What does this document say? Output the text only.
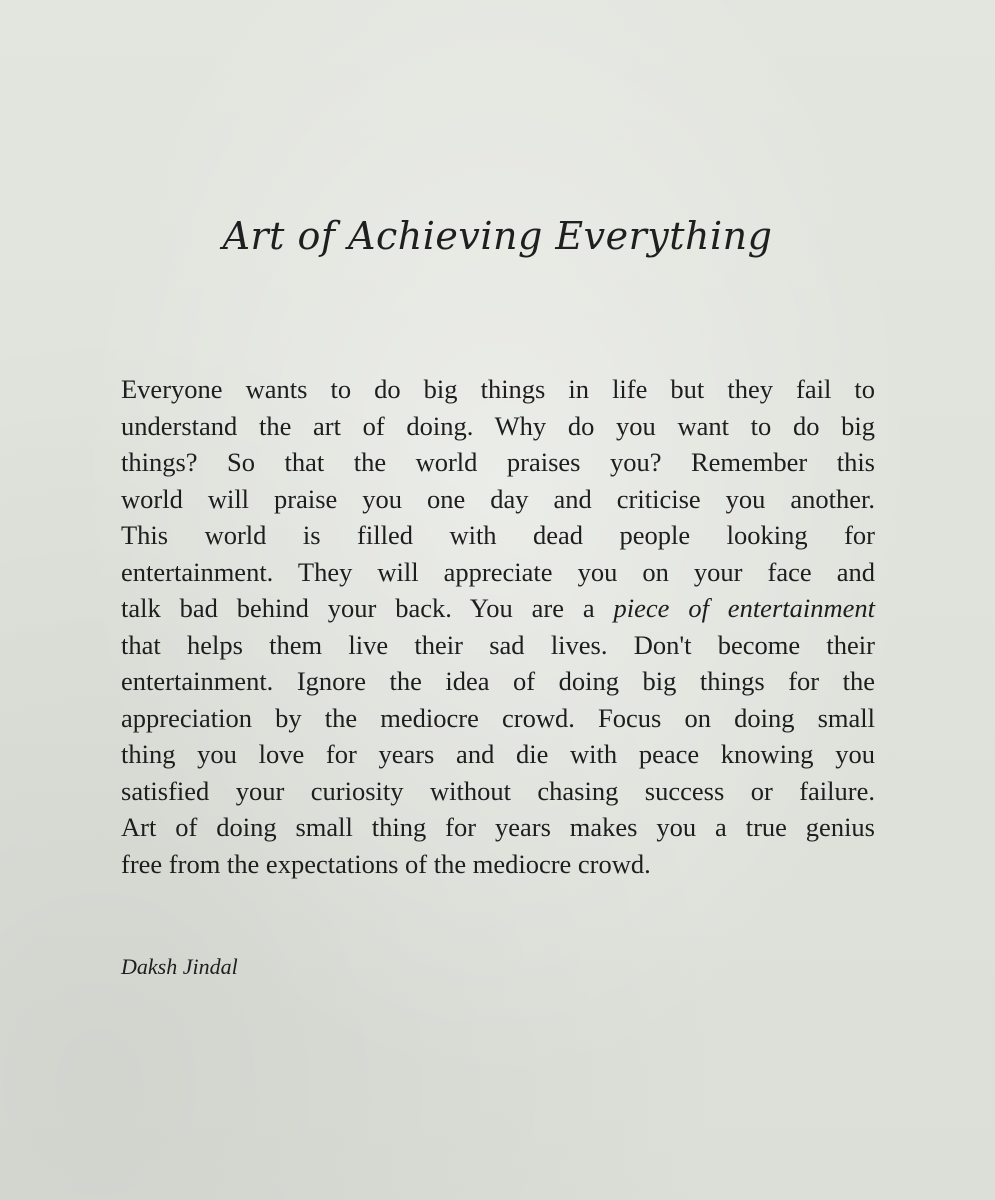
Art of Achieving Everything
Everyone wants to do big things in life but they fail to
understand the art of doing. Why do you want to do big
things? So that the world praises you? Remember this
world will praise you one day and criticise you another.
This world is filled with dead people looking for
entertainment. They will appreciate you on your face and
talk bad behind your back. You are a piece of entertainment
that helps them live their sad lives. Don't become their
entertainment. Ignore the idea of doing big things for the
appreciation by the mediocre crowd. Focus on doing small
thing you love for years and die with peace knowing you
satisfied your curiosity without chasing success or failure.
Art of doing small thing for years makes you a true genius
free from the expectations of the mediocre crowd.

Daksh Jindal
